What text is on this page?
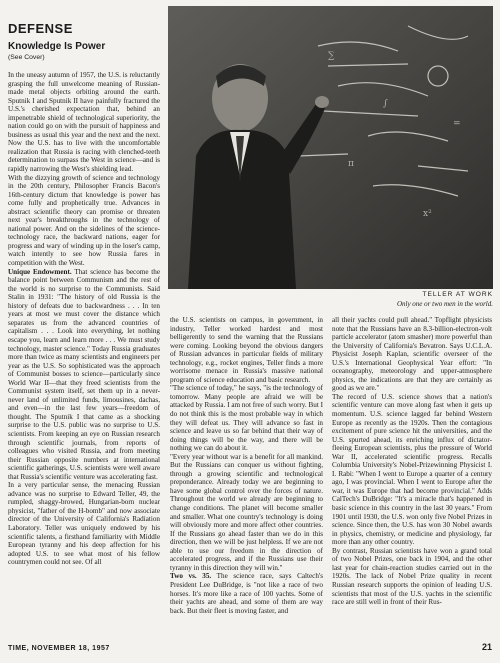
DEFENSE
Knowledge Is Power
(See Cover)

In the uneasy autumn of 1957, the U.S. is reluctantly grasping the full unwelcome meaning of Russian-made metal objects orbiting around the earth. Sputnik I and Sputnik II have painfully fractured the U.S.'s cherished expectation that, behind an impenetrable shield of technological superiority, the nation could go on with the pursuit of happiness and business as usual this year and the next and the next. Now the U.S. has to live with the uncomfortable realization that Russia is racing with clenched-teeth determination to surpass the West in science—and is rapidly narrowing the West's shielding lead.

With the dizzying growth of science and technology in the 20th century, Philosopher Francis Bacon's 16th-century dictum that knowledge is power has come fully and prophetically true. Advances in abstract scientific theory can promise or threaten next year's breakthroughs in the technology of national power. And on the sidelines of the science-technology race, the backward nations, eager for progress and wary of winding up in the loser's camp, watch intently to see how Russia fares in competition with the West.

Unique Endowment. That science has become the balance point between Communism and the rest of the world is no surprise to the Communists. Said Stalin in 1931: "The history of old Russia is the history of defeats due to backwardness . . . In ten years at most we must cover the distance which separates us from the advanced countries of capitalism . . . Look into everything, let nothing escape you, learn and learn more . . . We must study technology, master science." Today Russia graduates more than twice as many scientists and engineers per year as the U.S. So sophisticated was the approach of Communist bosses to science—particularly since World War II—that they freed scientists from the Communist system itself, set them up in a never-never land of unlimited funds, limousines, dachas, and even—in the last few years—freedom of thought. The Sputnik I that came as a shocking surprise to the U.S. public was no surprise to U.S. scientists. From keeping an eye on Russian research through scientific journals, from reports of colleagues who visited Russia, and from meeting their Russian opposite numbers at international scientific gatherings, U.S. scientists were well aware that Russia's scientific venture was accelerating fast.

In a very particular sense, the menacing Russian advance was no surprise to Edward Teller, 49, the rumpled, shaggy-browed, Hungarian-born nuclear physicist, "father of the H-bomb" and now associate director of the University of California's Radiation Laboratory. Teller was uniquely endowed by his scientific talents, a firsthand familiarity with Middle European tyranny and his deep affection for his adopted U.S. to see what most of his fellow countrymen could not see. Of all

∑
∫
=
x²
π
TELLER AT WORK
Only one or two men in the world.

the U.S. scientists on campus, in government, in industry, Teller worked hardest and most belligerently to send the warning that the Russians were coming. Looking beyond the obvious dangers of Russian advances in particular fields of military technology, e.g., rocket engines, Teller finds a more worrisome menace in Russia's massive national program of science education and basic research.

"The science of today," he says, "is the technology of tomorrow. Many people are afraid we will be attacked by Russia. I am not free of such worry. But I do not think this is the most probable way in which they will defeat us. They will advance so fast in science and leave us so far behind that their way of doing things will be the way, and there will be nothing we can do about it.

"Every year without war is a benefit for all mankind. But the Russians can conquer us without fighting, through a growing scientific and technological preponderance. Already today we are beginning to have some global control over the forces of nature. Throughout the world we already are beginning to change conditions. The planet will become smaller and smaller. What one country's technology is doing will obviously more and more affect other countries. If the Russians go ahead faster than we do in this direction, then we will be just helpless. If we are not able to use our freedom in the direction of accelerated progress, and if the Russians use their tyranny in this direction they will win."

Two vs. 35. The science race, says Caltech's President Lee DuBridge, is "not like a race of two horses. It's more like a race of 100 yachts. Some of their yachts are ahead, and some of them are way back. But their fleet is moving faster, and

all their yachts could pull ahead." Topflight physicists note that the Russians have an 8.3-billion-electron-volt particle accelerator (atom smasher) more powerful than the University of California's Bevatron. Says U.C.L.A. Physicist Joseph Kaplan, scientific overseer of the U.S.'s International Geophysical Year effort: "In oceanography, meteorology and upper-atmosphere physics, the indications are that they are certainly as good as we are."

The record of U.S. science shows that a nation's scientific venture can move along fast when it gets up momentum. U.S. science lagged far behind Western Europe as recently as the 1920s. Then the contagious excitement of pure science hit the universities, and the U.S. spurted ahead, its enriching influx of dictator-fleeing European scientists, plus the pressure of World War II, accelerated scientific progress. Recalls Columbia University's Nobel-Prizewinning Physicist I. I. Rabi: "When I went to Europe a quarter of a century ago, I was provincial. When I went to Europe after the war, it was Europe that had become provincial." Adds CalTech's DuBridge: "It's a miracle that's happened in basic science in this country in the last 30 years." From 1901 until 1930, the U.S. won only five Nobel Prizes in science. Since then, the U.S. has won 30 Nobel awards in physics, chemistry, or medicine and physiology, far more than any other country.

By contrast, Russian scientists have won a grand total of two Nobel Prizes, one back in 1904, and the other last year for chain-reaction studies carried out in the 1920s. The lack of Nobel Prize quality in recent Russian research supports the opinion of leading U.S. scientists that most of the U.S. yachts in the scientific race are still well in front of their Rus-

TIME, NOVEMBER 18, 1957	21
